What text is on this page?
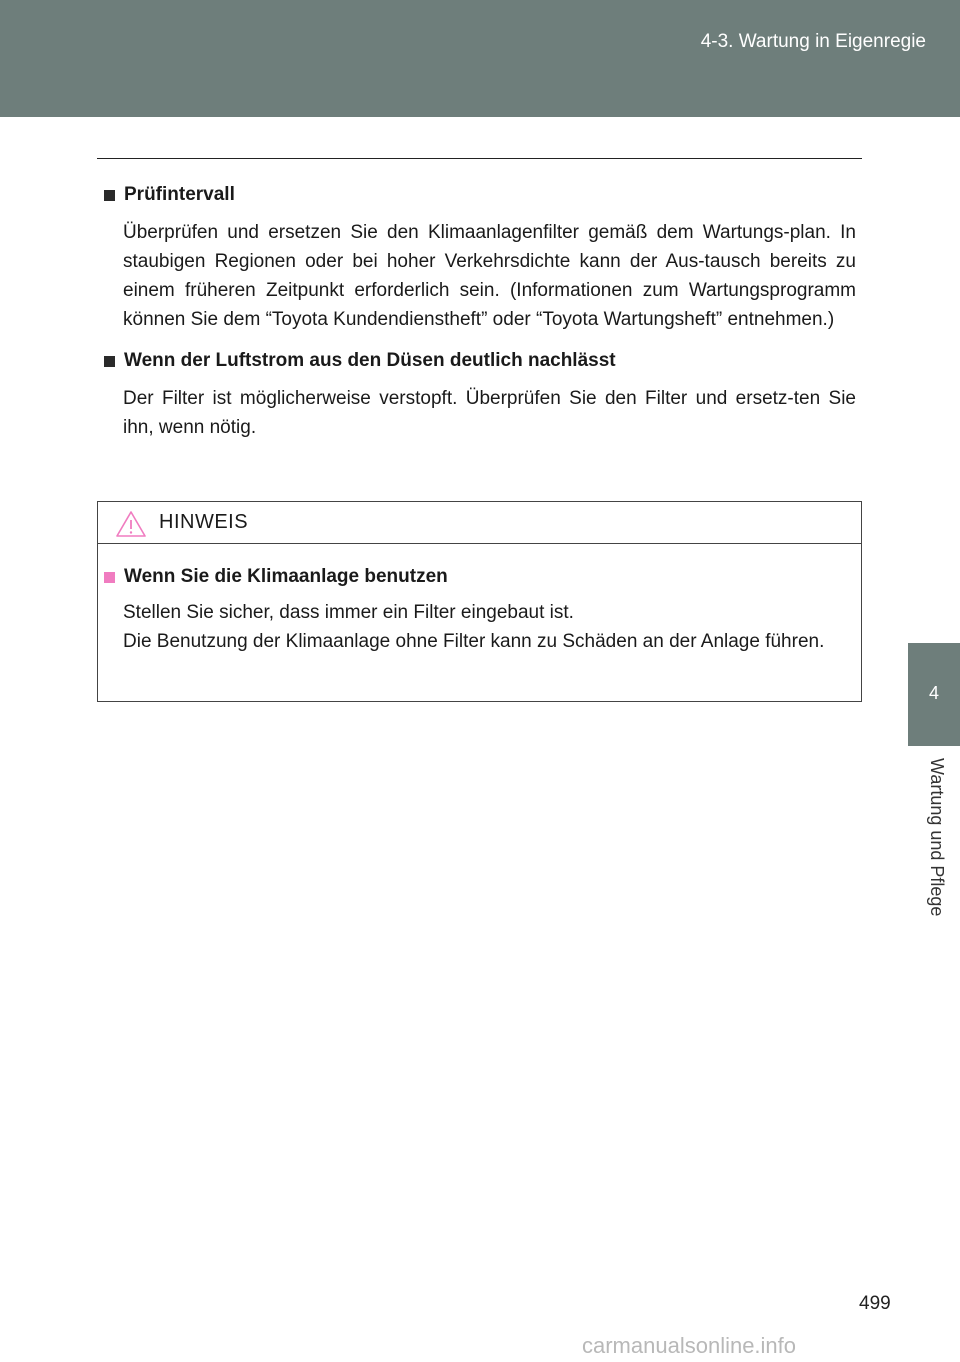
4-3. Wartung in Eigenregie
4
Wartung und Pflege
Prüfintervall
Überprüfen und ersetzen Sie den Klimaanlagenfilter gemäß dem Wartungs-plan. In staubigen Regionen oder bei hoher Verkehrsdichte kann der Aus-tausch bereits zu einem früheren Zeitpunkt erforderlich sein. (Informationen zum Wartungsprogramm können Sie dem “Toyota Kundendienstheft” oder “Toyota Wartungsheft” entnehmen.)
Wenn der Luftstrom aus den Düsen deutlich nachlässt
Der Filter ist möglicherweise verstopft. Überprüfen Sie den Filter und ersetz-ten Sie ihn, wenn nötig.
HINWEIS
Wenn Sie die Klimaanlage benutzen
Stellen Sie sicher, dass immer ein Filter eingebaut ist.
Die Benutzung der Klimaanlage ohne Filter kann zu Schäden an der Anlage führen.
499
carmanualsonline.info
